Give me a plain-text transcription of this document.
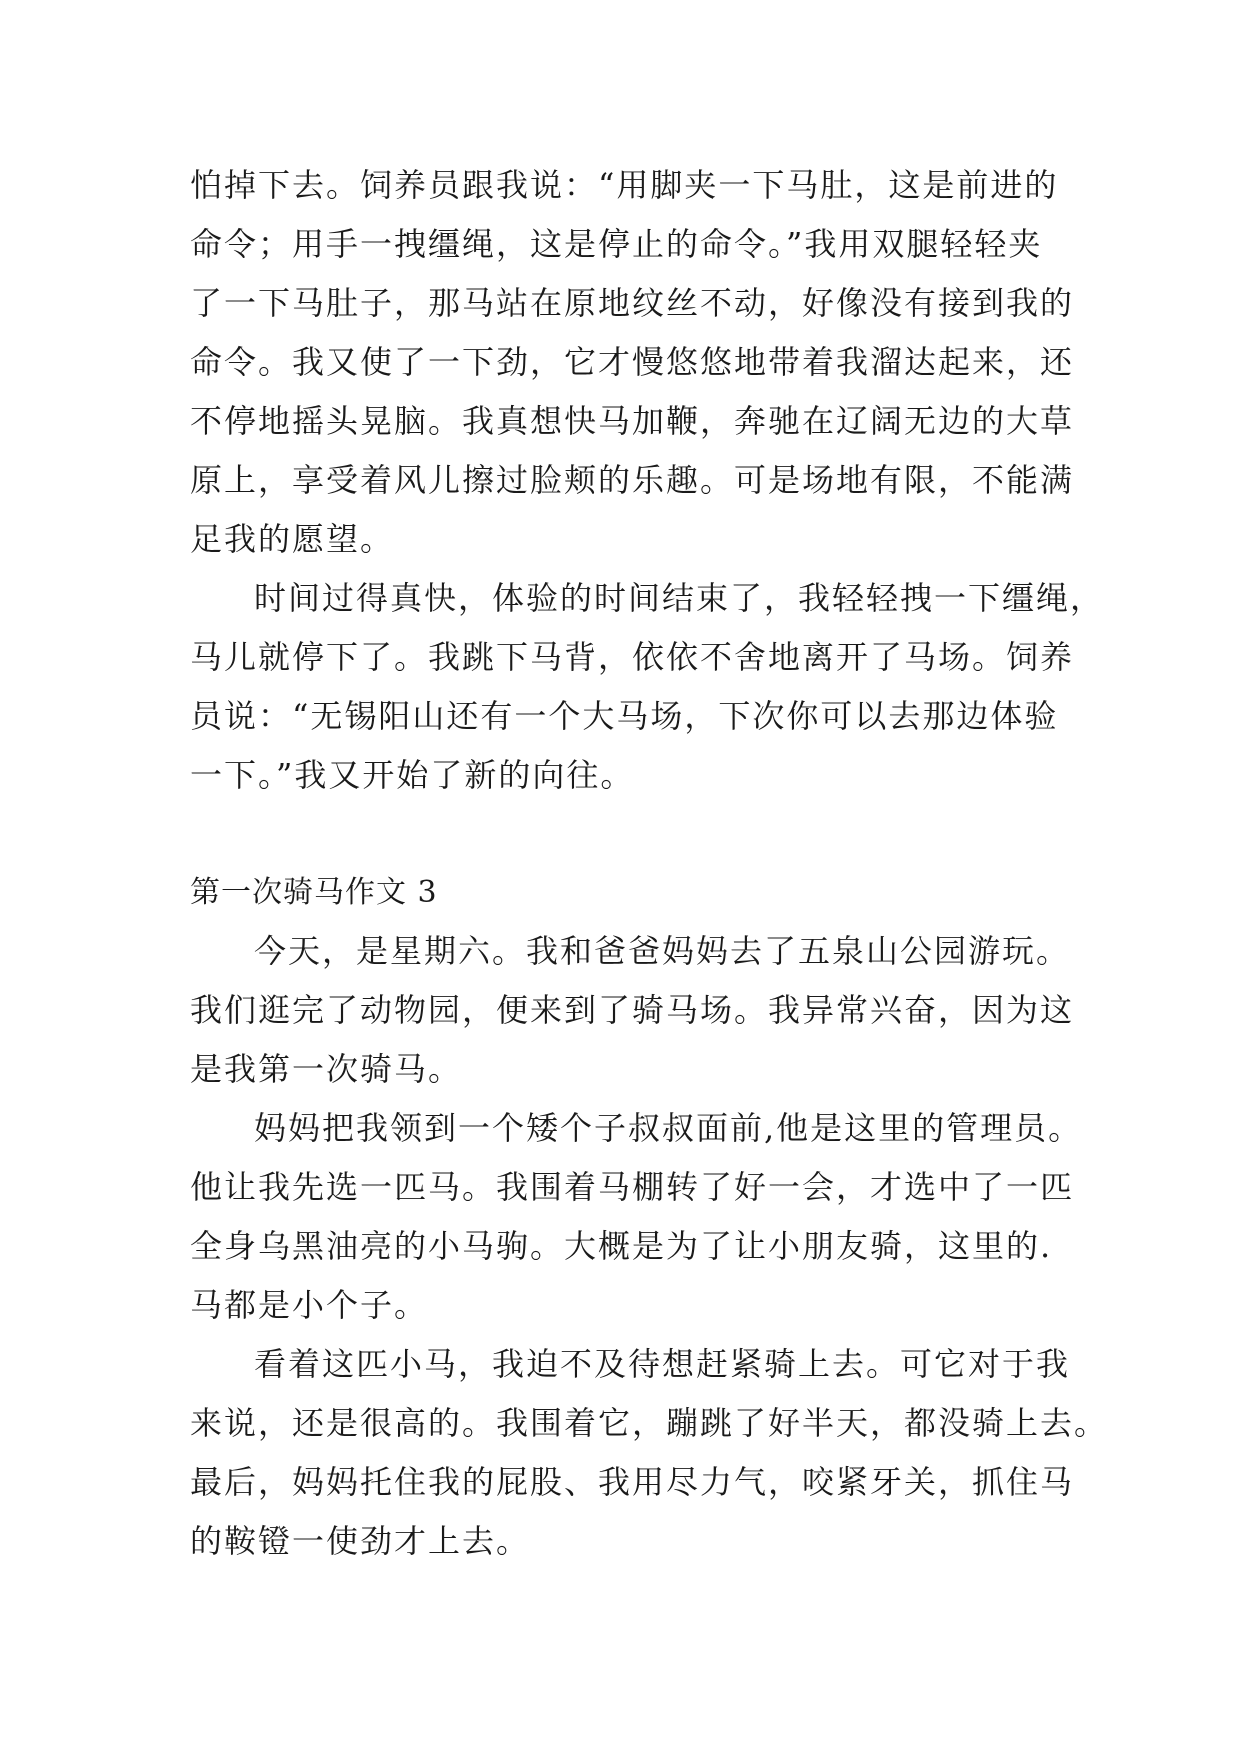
怕掉下去。饲养员跟我说：“用脚夹一下马肚，这是前进的
命令；用手一拽缰绳，这是停止的命令。”我用双腿轻轻夹
了一下马肚子，那马站在原地纹丝不动，好像没有接到我的
命令。我又使了一下劲，它才慢悠悠地带着我溜达起来，还
不停地摇头晃脑。我真想快马加鞭，奔驰在辽阔无边的大草
原上，享受着风儿擦过脸颊的乐趣。可是场地有限，不能满
足我的愿望。
时间过得真快，体验的时间结束了，我轻轻拽一下缰绳，
马儿就停下了。我跳下马背，依依不舍地离开了马场。饲养
员说：“无锡阳山还有一个大马场，下次你可以去那边体验
一下。”我又开始了新的向往。
第一次骑马作文 3
今天，是星期六。我和爸爸妈妈去了五泉山公园游玩。
我们逛完了动物园，便来到了骑马场。我异常兴奋，因为这
是我第一次骑马。
妈妈把我领到一个矮个子叔叔面前,他是这里的管理员。
他让我先选一匹马。我围着马棚转了好一会，才选中了一匹
全身乌黑油亮的小马驹。大概是为了让小朋友骑，这里的.
马都是小个子。
看着这匹小马，我迫不及待想赶紧骑上去。可它对于我
来说，还是很高的。我围着它，蹦跳了好半天，都没骑上去。
最后，妈妈托住我的屁股、我用尽力气，咬紧牙关，抓住马
的鞍镫一使劲才上去。
